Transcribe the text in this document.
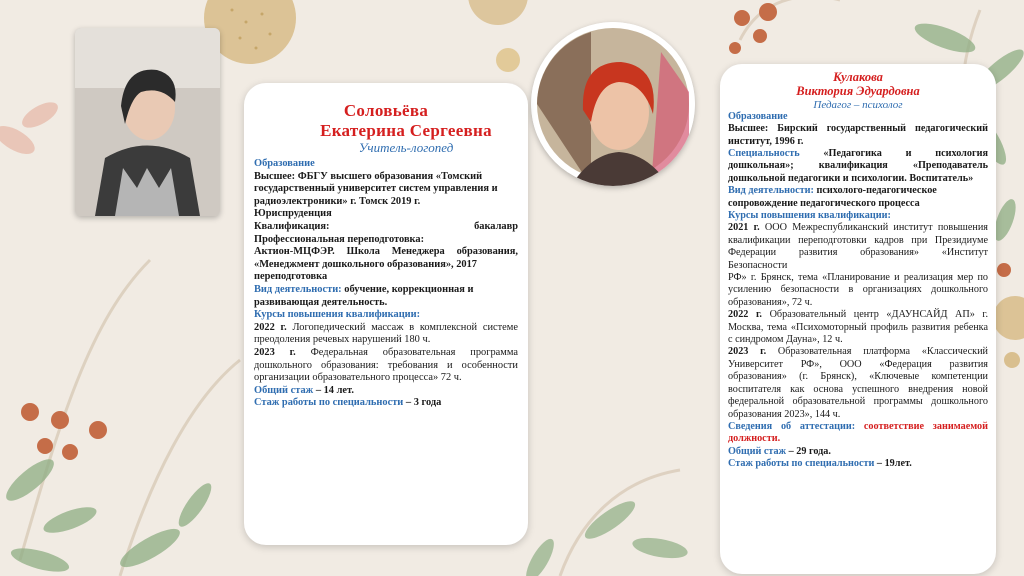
Соловьёва
Екатерина Сергеевна
Учитель-логопед

Образование

Высшее: ФБГУ высшего образования «Томский государственный университет систем управления и радиоэлектроники» г. Томск 2019 г.

Юриспруденция

Квалификация:	бакалавр

Профессиональная переподготовка:

Актион-МЦФЭР. Школа Менеджера образования, «Менеджмент дошкольного образования», 2017

переподготовка

Вид деятельности: обучение, коррекционная и развивающая деятельность.

Курсы повышения квалификации:

2022 г. Логопедический массаж в комплексной системе преодоления речевых нарушений 180 ч.

2023 г. Федеральная образовательная программа дошкольного образования: требования и особенности организации образовательного процесса» 72 ч.

Общий стаж – 14 лет.

Стаж работы по специальности – 3 года

Кулакова
Виктория Эдуардовна
Педагог – психолог

Образование

Высшее: Бирский государственный педагогический институт, 1996 г.

Специальность «Педагогика и психология дошкольная»; квалификация «Преподаватель дошкольной педагогики и психологии. Воспитатель»

Вид деятельности: психолого-педагогическое сопровождение педагогического процесса

Курсы повышения квалификации:

2021 г. ООО Межреспубликанский институт повышения квалификации переподготовки кадров при Президиуме Федерации развития образования» «Институт Безопасности

РФ» г. Брянск, тема «Планирование и реализация мер по усилению безопасности в организациях дошкольного образования», 72 ч.

2022 г. Образовательный центр «ДАУНСАЙД АП» г. Москва, тема «Психомоторный профиль развития ребенка с синдромом Дауна», 12 ч.

2023 г. Образовательная платформа «Классический Университет РФ», ООО «Федерация развития образования» (г. Брянск), «Ключевые компетенции воспитателя как основа успешного внедрения новой федеральной образовательной программы дошкольного образования 2023», 144 ч.

Сведения об аттестации: соответствие занимаемой должности.

Общий стаж – 29 года.

Стаж работы по специальности – 19лет.
